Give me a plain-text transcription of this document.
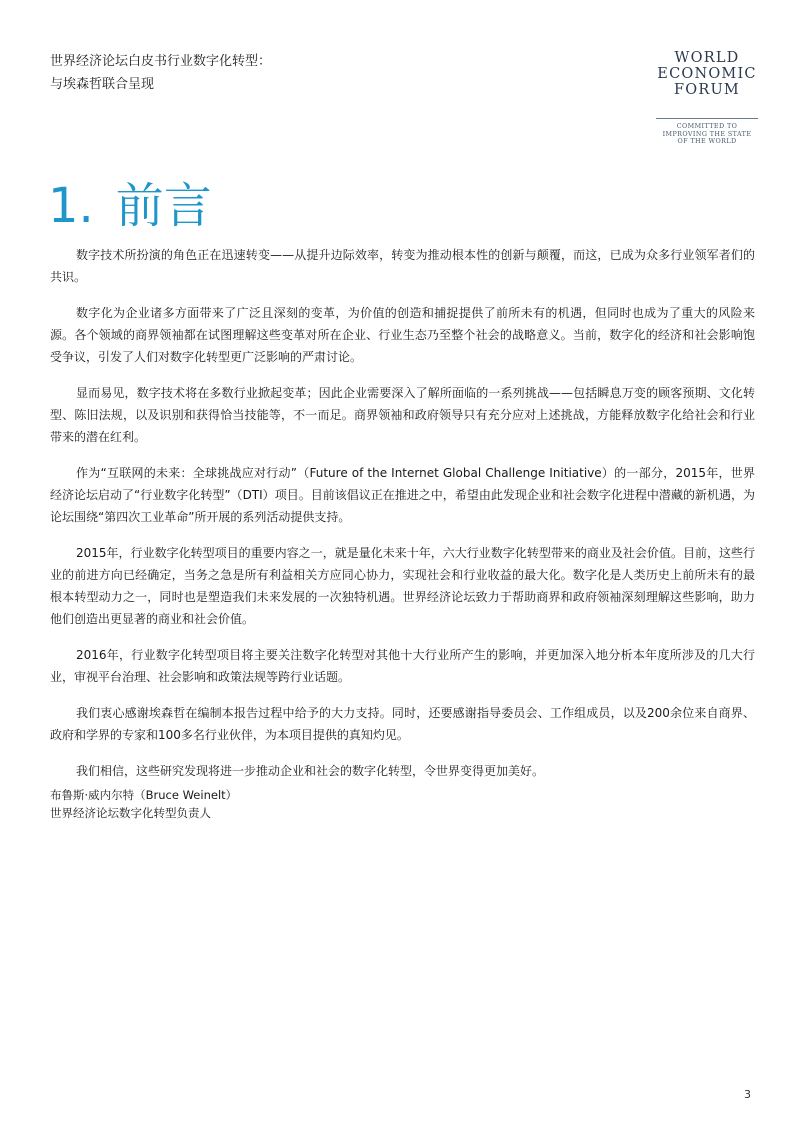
世界经济论坛白皮书行业数字化转型：与埃森哲联合呈现
WORLD
ECONOMIC
FORUM
COMMITTED TO
IMPROVING THE STATE
OF THE WORLD
1. 前言

数字技术所扮演的角色正在迅速转变——从提升边际效率，转变为推动根本性的创新与颠覆，而这，已成为众多行业领军者们的共识。

数字化为企业诸多方面带来了广泛且深刻的变革，为价值的创造和捕捉提供了前所未有的机遇，但同时也成为了重大的风险来源。各个领域的商界领袖都在试图理解这些变革对所在企业、行业生态乃至整个社会的战略意义。当前，数字化的经济和社会影响饱受争议，引发了人们对数字化转型更广泛影响的严肃讨论。

显而易见，数字技术将在多数行业掀起变革；因此企业需要深入了解所面临的一系列挑战——包括瞬息万变的顾客预期、文化转型、陈旧法规，以及识别和获得恰当技能等，不一而足。商界领袖和政府领导只有充分应对上述挑战，方能释放数字化给社会和行业带来的潜在红利。

作为“互联网的未来：全球挑战应对行动”（Future of the Internet Global Challenge Initiative）的一部分，2015年，世界经济论坛启动了“行业数字化转型”（DTI）项目。目前该倡议正在推进之中，希望由此发现企业和社会数字化进程中潜藏的新机遇，为论坛围绕“第四次工业革命”所开展的系列活动提供支持。

2015年，行业数字化转型项目的重要内容之一，就是量化未来十年，六大行业数字化转型带来的商业及社会价值。目前，这些行业的前进方向已经确定，当务之急是所有利益相关方应同心协力，实现社会和行业收益的最大化。数字化是人类历史上前所未有的最根本转型动力之一，同时也是塑造我们未来发展的一次独特机遇。世界经济论坛致力于帮助商界和政府领袖深刻理解这些影响，助力他们创造出更显著的商业和社会价值。

2016年，行业数字化转型项目将主要关注数字化转型对其他十大行业所产生的影响，并更加深入地分析本年度所涉及的几大行业，审视平台治理、社会影响和政策法规等跨行业话题。

我们衷心感谢埃森哲在编制本报告过程中给予的大力支持。同时，还要感谢指导委员会、工作组成员，以及200余位来自商界、政府和学界的专家和100多名行业伙伴，为本项目提供的真知灼见。

我们相信，这些研究发现将进一步推动企业和社会的数字化转型，令世界变得更加美好。

布鲁斯·威内尔特（Bruce Weinelt）
世界经济论坛数字化转型负责人
3
